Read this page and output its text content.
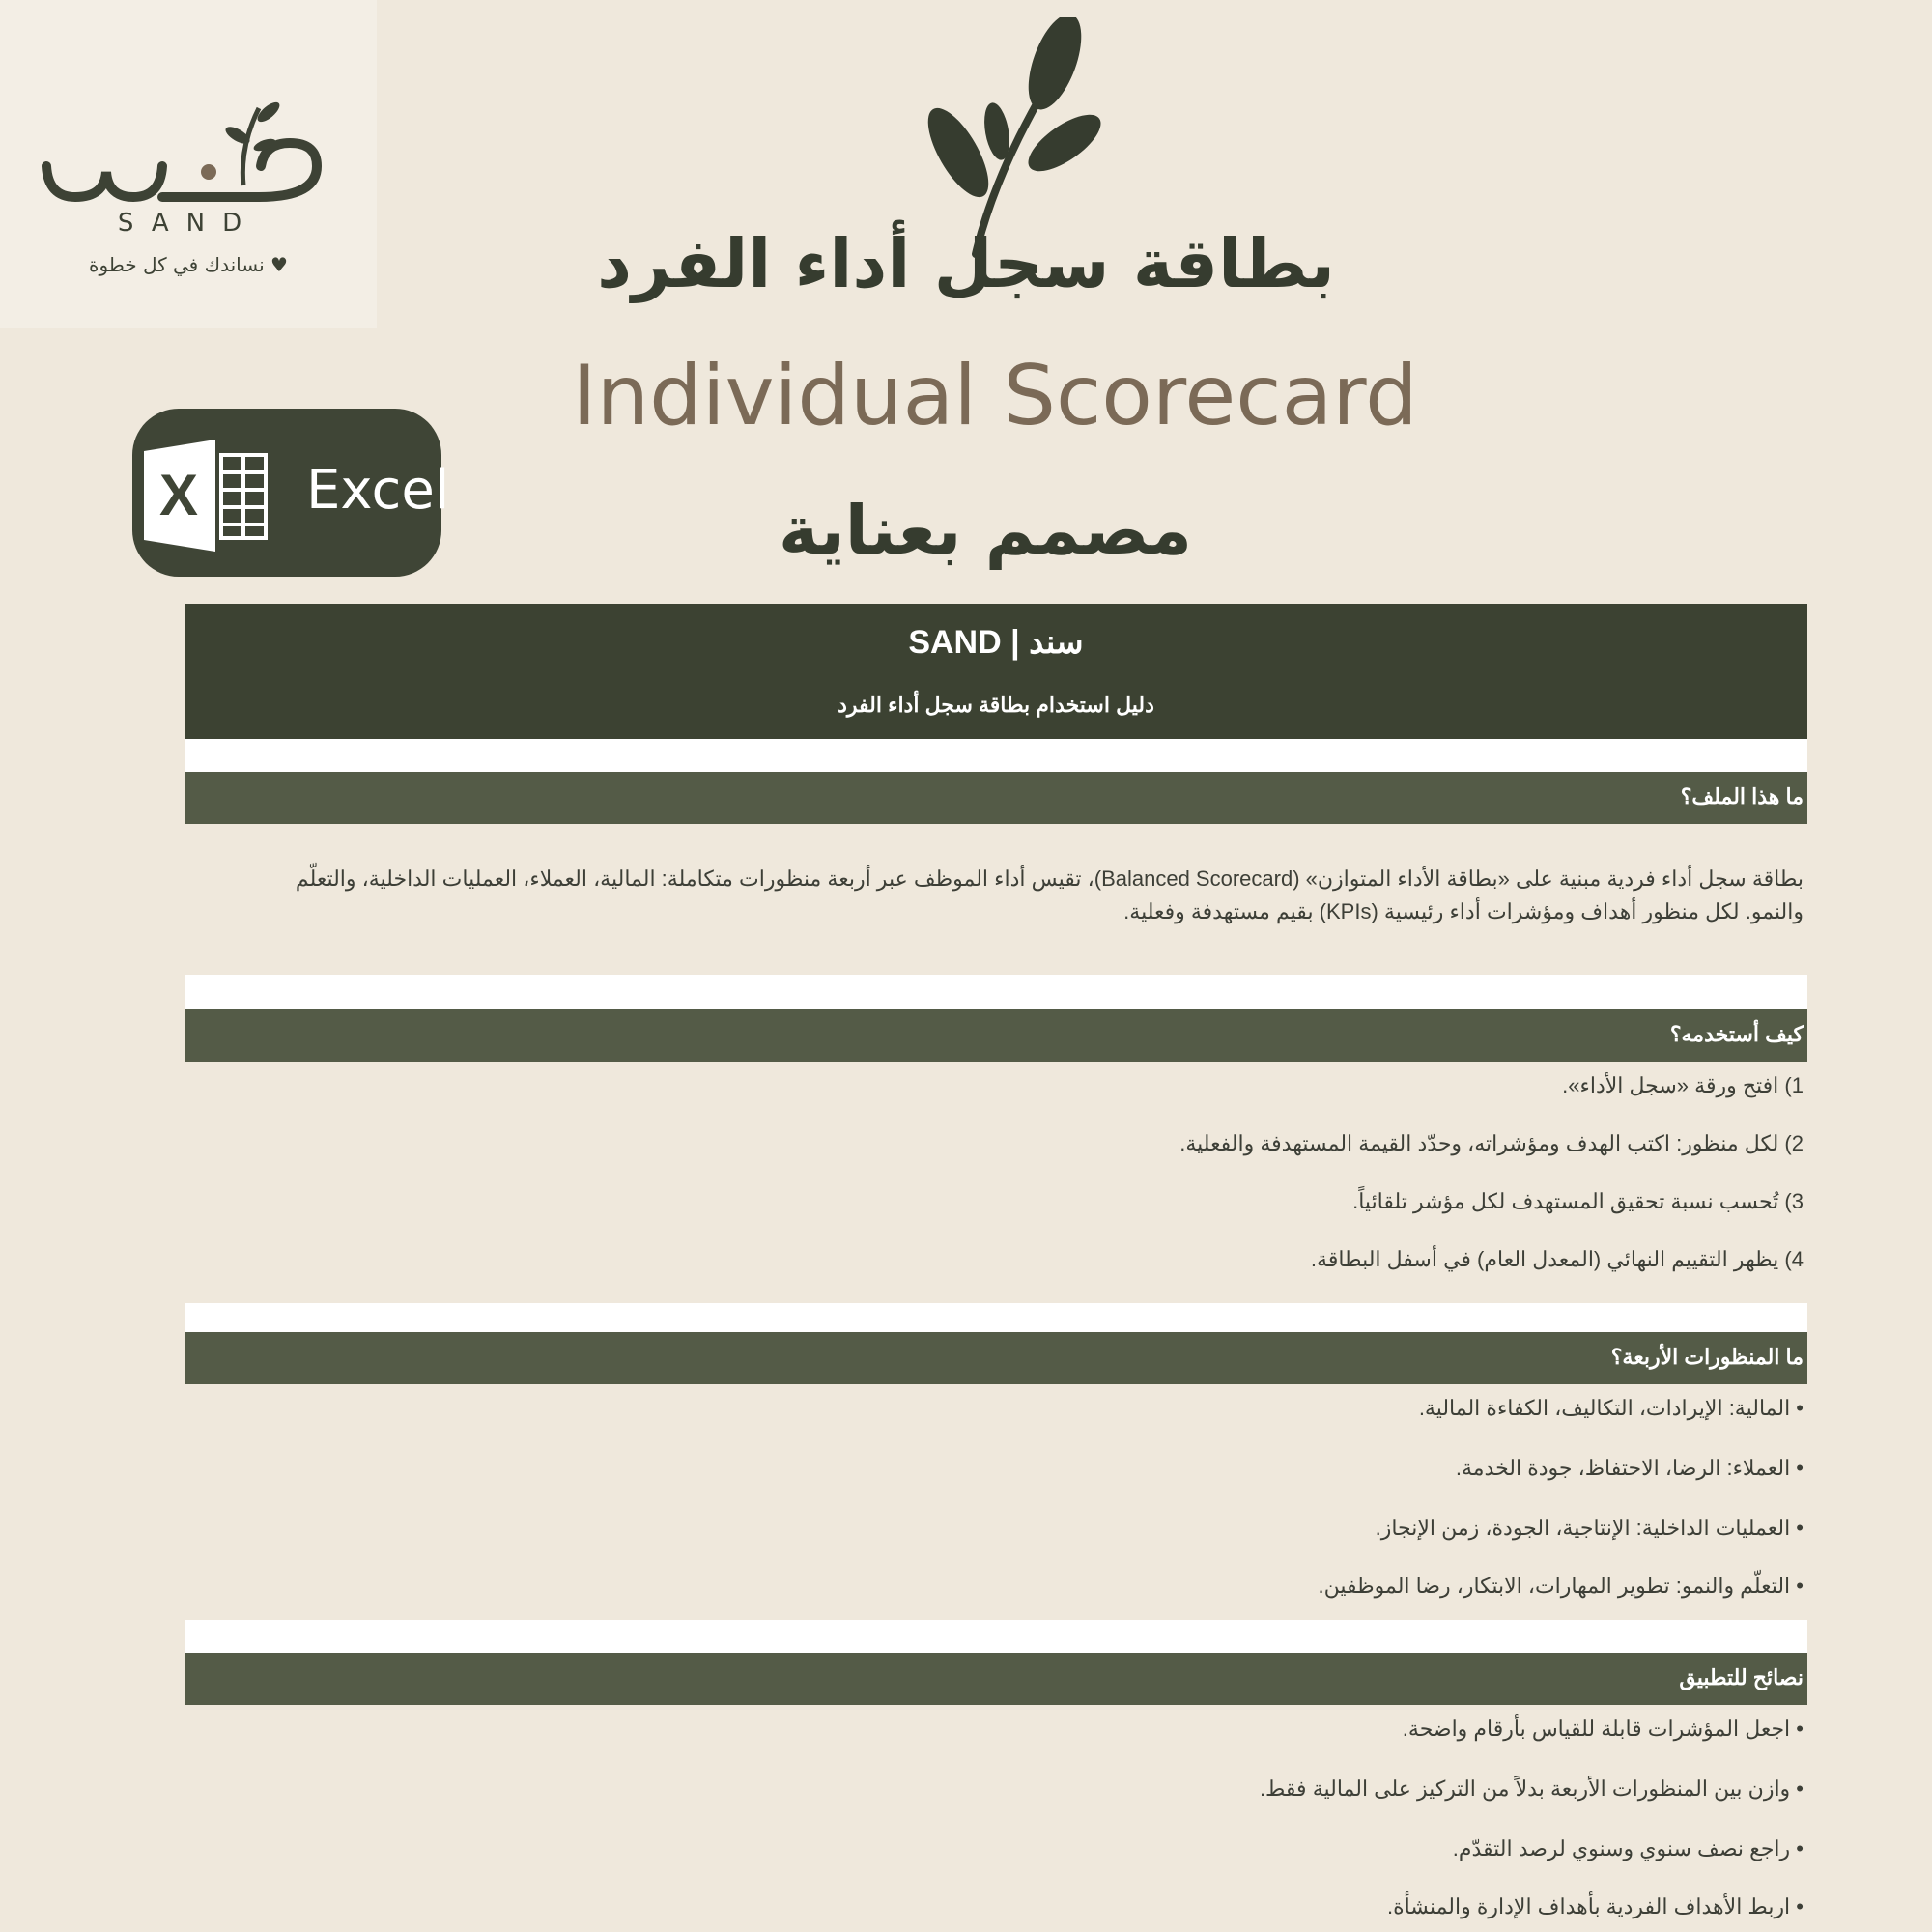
SAND
♥ نساندك في كل خطوة
X Excel
بطاقة سجل أداء الفرد
Individual Scorecard
مصمم بعناية
SAND | سند
دليل استخدام بطاقة سجل أداء الفرد
ما هذا الملف؟
بطاقة سجل أداء فردية مبنية على «بطاقة الأداء المتوازن» (Balanced Scorecard)، تقيس أداء الموظف عبر أربعة منظورات متكاملة: المالية، العملاء، العمليات الداخلية، والتعلّم والنمو. لكل منظور أهداف ومؤشرات أداء رئيسية (KPIs) بقيم مستهدفة وفعلية.
كيف أستخدمه؟
1) افتح ورقة «سجل الأداء».
2) لكل منظور: اكتب الهدف ومؤشراته، وحدّد القيمة المستهدفة والفعلية.
3) تُحسب نسبة تحقيق المستهدف لكل مؤشر تلقائياً.
4) يظهر التقييم النهائي (المعدل العام) في أسفل البطاقة.
ما المنظورات الأربعة؟
• المالية: الإيرادات، التكاليف، الكفاءة المالية.
• العملاء: الرضا، الاحتفاظ، جودة الخدمة.
• العمليات الداخلية: الإنتاجية، الجودة، زمن الإنجاز.
• التعلّم والنمو: تطوير المهارات، الابتكار، رضا الموظفين.
نصائح للتطبيق
• اجعل المؤشرات قابلة للقياس بأرقام واضحة.
• وازن بين المنظورات الأربعة بدلاً من التركيز على المالية فقط.
• راجع نصف سنوي وسنوي لرصد التقدّم.
• اربط الأهداف الفردية بأهداف الإدارة والمنشأة.
